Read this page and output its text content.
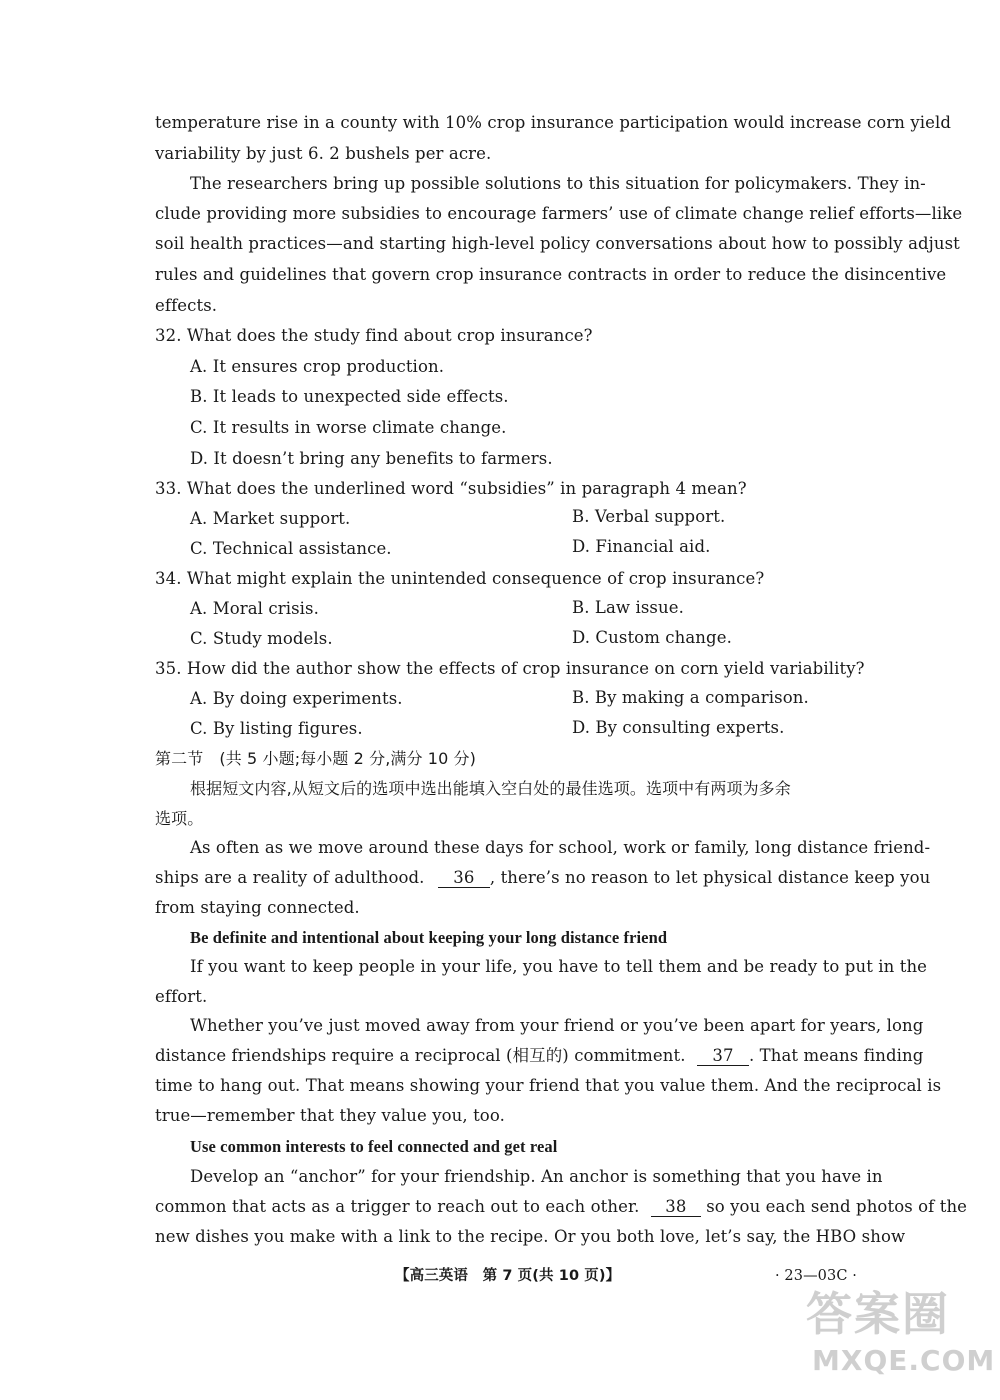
temperature rise in a county with 10% crop insurance participation would increase corn yield
variability by just 6. 2 bushels per acre.
The researchers bring up possible solutions to this situation for policymakers. They in-
clude providing more subsidies to encourage farmers’ use of climate change relief efforts—like
soil health practices—and starting high-level policy conversations about how to possibly adjust
rules and guidelines that govern crop insurance contracts in order to reduce the disincentive
effects.
32. What does the study find about crop insurance?
A. It ensures crop production.
B. It leads to unexpected side effects.
C. It results in worse climate change.
D. It doesn’t bring any benefits to farmers.
33. What does the underlined word “subsidies” in paragraph 4 mean?
A. Market support.	B. Verbal support.
C. Technical assistance.	D. Financial aid.
34. What might explain the unintended consequence of crop insurance?
A. Moral crisis.	B. Law issue.
C. Study models.	D. Custom change.
35. How did the author show the effects of crop insurance on corn yield variability?
A. By doing experiments.	B. By making a comparison.
C. By listing figures.	D. By consulting experts.
第二节　(共 5 小题;每小题 2 分,满分 10 分)
根据短文内容,从短文后的选项中选出能填入空白处的最佳选项。选项中有两项为多余
选项。
As often as we move around these days for school, work or family, long distance friend-
ships are a reality of adulthood. 36 , there’s no reason to let physical distance keep you
from staying connected.
Be definite and intentional about keeping your long distance friend
If you want to keep people in your life, you have to tell them and be ready to put in the
effort.
Whether you’ve just moved away from your friend or you’ve been apart for years, long
distance friendships require a reciprocal (相互的) commitment. 37 . That means finding
time to hang out. That means showing your friend that you value them. And the reciprocal is
true—remember that they value you, too.
Use common interests to feel connected and get real
Develop an “anchor” for your friendship. An anchor is something that you have in
common that acts as a trigger to reach out to each other. 38 so you each send photos of the
new dishes you make with a link to the recipe. Or you both love, let’s say, the HBO show
【高三英语　第 7 页(共 10 页)】	· 23—03C ·
答案圈
MXQE.COM
